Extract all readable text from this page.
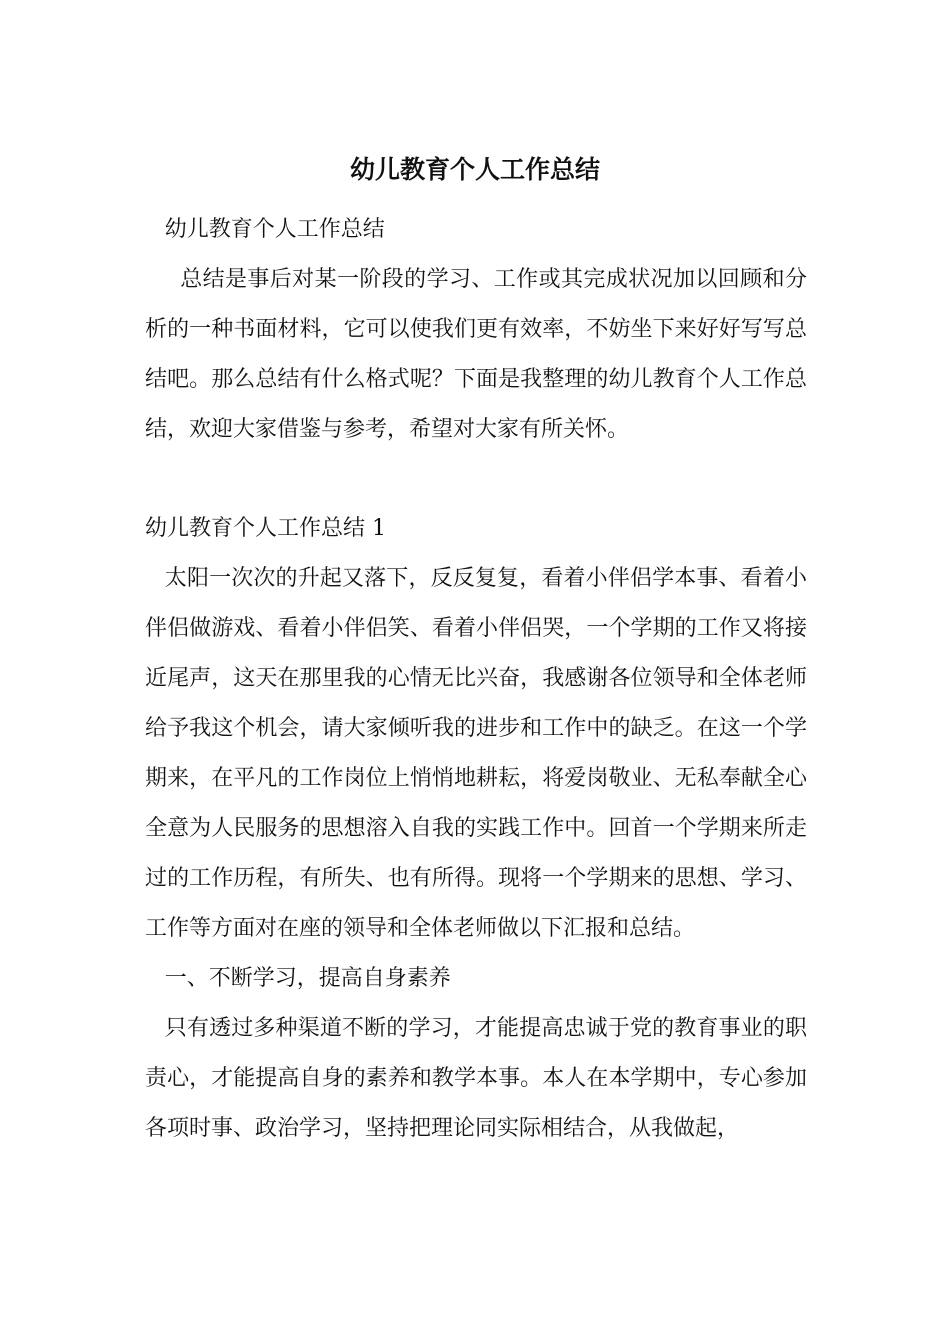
幼儿教育个人工作总结

幼儿教育个人工作总结

总结是事后对某一阶段的学习、工作或其完成状况加以回顾和分析的一种书面材料，它可以使我们更有效率，不妨坐下来好好写写总结吧。那么总结有什么格式呢？下面是我整理的幼儿教育个人工作总结，欢迎大家借鉴与参考，希望对大家有所关怀。

幼儿教育个人工作总结 1

太阳一次次的升起又落下，反反复复，看着小伴侣学本事、看着小伴侣做游戏、看着小伴侣笑、看着小伴侣哭，一个学期的工作又将接近尾声，这天在那里我的心情无比兴奋，我感谢各位领导和全体老师给予我这个机会，请大家倾听我的进步和工作中的缺乏。在这一个学期来，在平凡的工作岗位上悄悄地耕耘，将爱岗敬业、无私奉献全心全意为人民服务的思想溶入自我的实践工作中。回首一个学期来所走过的工作历程，有所失、也有所得。现将一个学期来的思想、学习、工作等方面对在座的领导和全体老师做以下汇报和总结。

一、不断学习，提高自身素养

只有透过多种渠道不断的学习，才能提高忠诚于党的教育事业的职责心，才能提高自身的素养和教学本事。本人在本学期中，专心参加各项时事、政治学习，坚持把理论同实际相结合，从我做起，
